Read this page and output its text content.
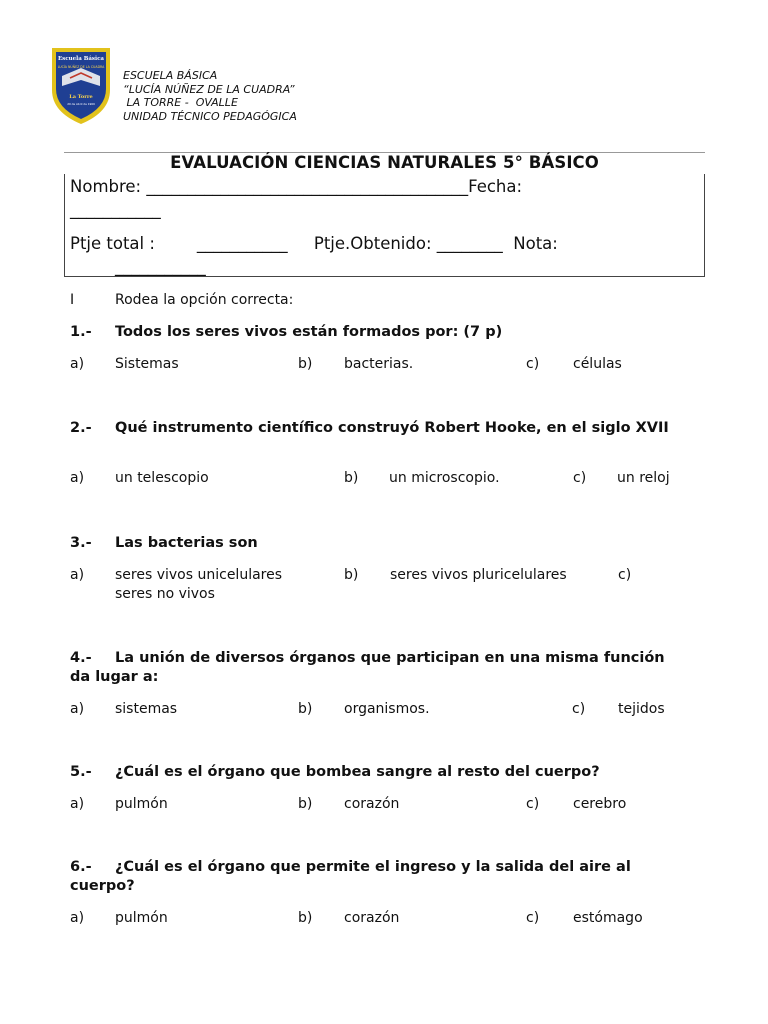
Escuela Básica
LUCÍA NÚÑEZ DE LA CUADRA
La Torre
20 de Abril de 1969
ESCUELA BÁSICA
“LUCÍA NÚÑEZ DE LA CUADRA”
LA TORRE -  OVALLE
UNIDAD TÉCNICO PEDAGÓGICA
EVALUACIÓN CIENCIAS NATURALES 5° BÁSICO
Nombre: _______________________________________Fecha:
___________
Ptje total :        ___________     Ptje.Obtenido: ________  Nota:
___________
I	Rodea la opción correcta:
1.- Todos los seres vivos están formados por: (7 p)
a) Sistemas	b) bacterias.	c) células
2.- Qué instrumento científico construyó Robert Hooke, en el siglo XVII
a) un telescopio	b) un microscopio.	c) un reloj
3.- Las bacterias son
a) seres vivos unicelulares	b) seres vivos pluricelulares	c)
seres no vivos
4.- La unión de diversos órganos que participan en una misma función da lugar a:
a) sistemas	b) organismos.	c) tejidos
5.- ¿Cuál es el órgano que bombea sangre al resto del cuerpo?
a) pulmón	b) corazón	c) cerebro
6.- ¿Cuál es el órgano que permite el ingreso y la salida del aire al cuerpo?
a) pulmón	b) corazón	c) estómago
